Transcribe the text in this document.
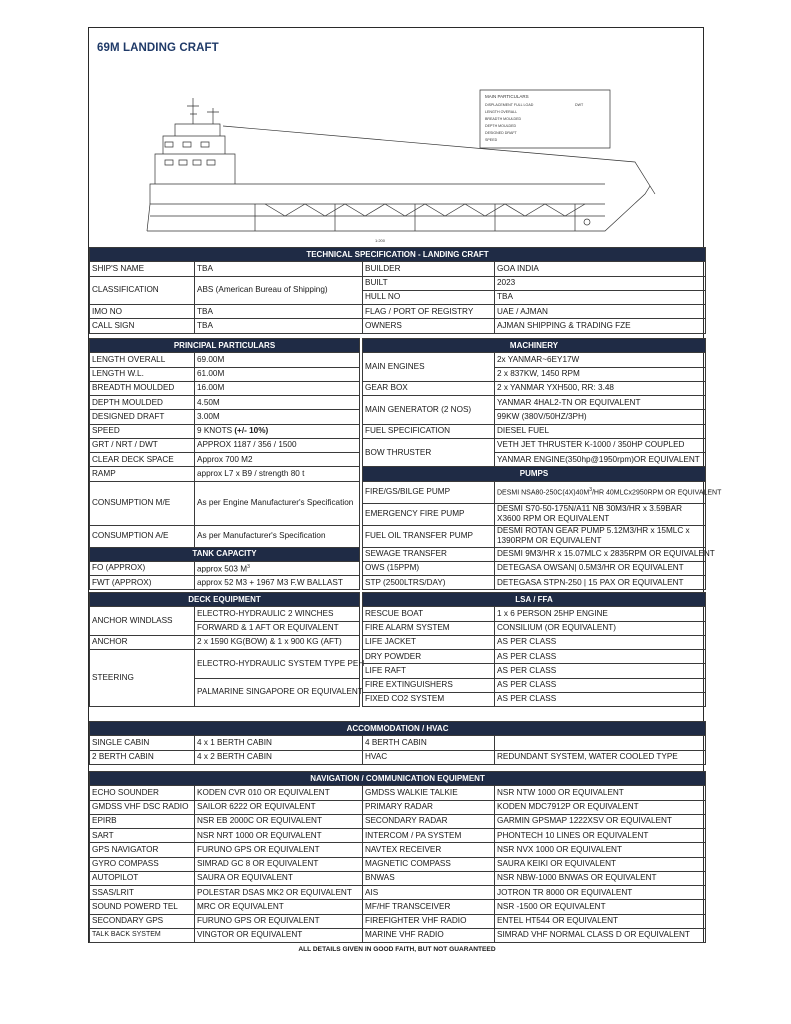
69M LANDING CRAFT
MAIN PARTICULARS
DISPLACEMENT FULL LOAD
LENGTH OVERALL
BREADTH MOULDED
DEPTH MOULDED
DESIGNED DRAFT
SPEED
DWT
1:200
TECHNICAL SPECIFICATION - LANDING CRAFT			
SHIP'S NAME	TBA	BUILDER	GOA INDIA
CLASSIFICATION	ABS (American Bureau of Shipping)	BUILT	2023
		HULL NO	TBA
IMO NO	TBA	FLAG / PORT OF REGISTRY	UAE / AJMAN
CALL SIGN	TBA	OWNERS	AJMAN SHIPPING & TRADING FZE
PRINCIPAL PARTICULARS	
LENGTH OVERALL	69.00M
LENGTH W.L.	61.00M
BREADTH MOULDED	16.00M
DEPTH MOULDED	4.50M
DESIGNED DRAFT	3.00M
SPEED	9 KNOTS (+/- 10%)
GRT / NRT / DWT	APPROX 1187 / 356 / 1500
CLEAR DECK SPACE	Approx 700 M2
RAMP	approx L7 x B9 / strength 80 t
CONSUMPTION M/E	As per Engine Manufacturer's Specification
CONSUMPTION A/E	As per Manufacturer's Specification
TANK CAPACITY	
FO (APPROX)	approx 503 $M^3$
FWT (APPROX)	approx 52 M3 + 1967 M3 F.W BALLAST
MACHINERY	
MAIN ENGINES	2x YANMAR~6EY17W
	2 x 837KW, 1450 RPM
GEAR BOX	2 x YANMAR YXH500, RR: 3.48
MAIN GENERATOR (2 NOS)	YANMAR 4HAL2-TN OR EQUIVALENT
	99KW (380V/50HZ/3PH)
FUEL SPECIFICATION	DIESEL FUEL
BOW THRUSTER	VETH JET THRUSTER K-1000 / 350HP COUPLED
	YANMAR ENGINE(350hp@1950rpm)OR EQUIVALENT
PUMPS	
FIRE/GS/BILGE PUMP	DESMI $NSA80-250C(4X)40M^3/HR$ 40MLCx2950RPM OR EQUIVALENT
EMERGENCY FIRE PUMP	DESMI S70-50-175N/A11 NB 30M3/HR x 3.59BAR X3600 RPM OR EQUIVALENT
FUEL OIL TRANSFER PUMP	DESMI ROTAN GEAR PUMP 5.12M3/HR x 15MLC x 1390RPM OR EQUIVALENT
SEWAGE TRANSFER	DESMI 9M3/HR x 15.07MLC x 2835RPM OR EQUIVALENT
OWS (15PPM)	DETEGASA OWSAN| 0.5M3/HR OR EQUIVALENT
STP (2500LTRS/DAY)	DETEGASA STPN-250 | 15 PAX OR EQUIVALENT
DECK EQUIPMENT	
ANCHOR WINDLASS	ELECTRO-HYDRAULIC 2 WINCHES
	FORWARD & 1 AFT OR EQUIVALENT
ANCHOR	2 x 1590 KG(BOW) & 1 x 900 KG (AFT)
STEERING	ELECTRO-HYDRAULIC SYSTEM TYPE PEH
	PALMARINE SINGAPORE OR EQUIVALENT
LSA / FFA	
RESCUE BOAT	1 x 6 PERSON 25HP ENGINE
FIRE ALARM SYSTEM	CONSILIUM (OR EQUIVALENT)
LIFE JACKET	AS PER CLASS
DRY POWDER	AS PER CLASS
LIFE RAFT	AS PER CLASS
FIRE EXTINGUISHERS	AS PER CLASS
FIXED CO2 SYSTEM	AS PER CLASS
ACCOMMODATION / HVAC			
SINGLE CABIN	4 x 1 BERTH CABIN	4 BERTH CABIN	
2 BERTH CABIN	4 x 2 BERTH CABIN	HVAC	REDUNDANT SYSTEM, WATER COOLED TYPE
NAVIGATION / COMMUNICATION EQUIPMENT			
ECHO SOUNDER	KODEN CVR 010 OR EQUIVALENT	GMDSS WALKIE TALKIE	NSR NTW 1000 OR EQUIVALENT
GMDSS VHF DSC RADIO	SAILOR 6222 OR EQUIVALENT	PRIMARY RADAR	KODEN MDC7912P OR EQUIVALENT
EPIRB	NSR EB 2000C OR EQUIVALENT	SECONDARY RADAR	GARMIN GPSMAP 1222XSV OR EQUIVALENT
SART	NSR NRT 1000 OR EQUIVALENT	INTERCOM / PA SYSTEM	PHONTECH 10 LINES OR EQUIVALENT
GPS NAVIGATOR	FURUNO GPS OR EQUIVALENT	NAVTEX RECEIVER	NSR NVX 1000 OR EQUIVALENT
GYRO COMPASS	SIMRAD GC 8 OR EQUIVALENT	MAGNETIC COMPASS	SAURA KEIKI OR EQUIVALENT
AUTOPILOT	SAURA OR EQUIVALENT	BNWAS	NSR NBW-1000 BNWAS OR EQUIVALENT
SSAS/LRIT	POLESTAR DSAS MK2 OR EQUIVALENT	AIS	JOTRON TR 8000 OR EQUIVALENT
SOUND POWERD TEL	MRC OR EQUIVALENT	MF/HF TRANSCEIVER	NSR -1500 OR EQUIVALENT
SECONDARY GPS	FURUNO GPS OR EQUIVALENT	FIREFIGHTER VHF RADIO	ENTEL HT544 OR EQUIVALENT
TALK BACK SYSTEM	VINGTOR OR EQUIVALENT	MARINE VHF RADIO	SIMRAD VHF NORMAL CLASS D OR EQUIVALENT
ALL DETAILS GIVEN IN GOOD FAITH, BUT NOT GUARANTEED
